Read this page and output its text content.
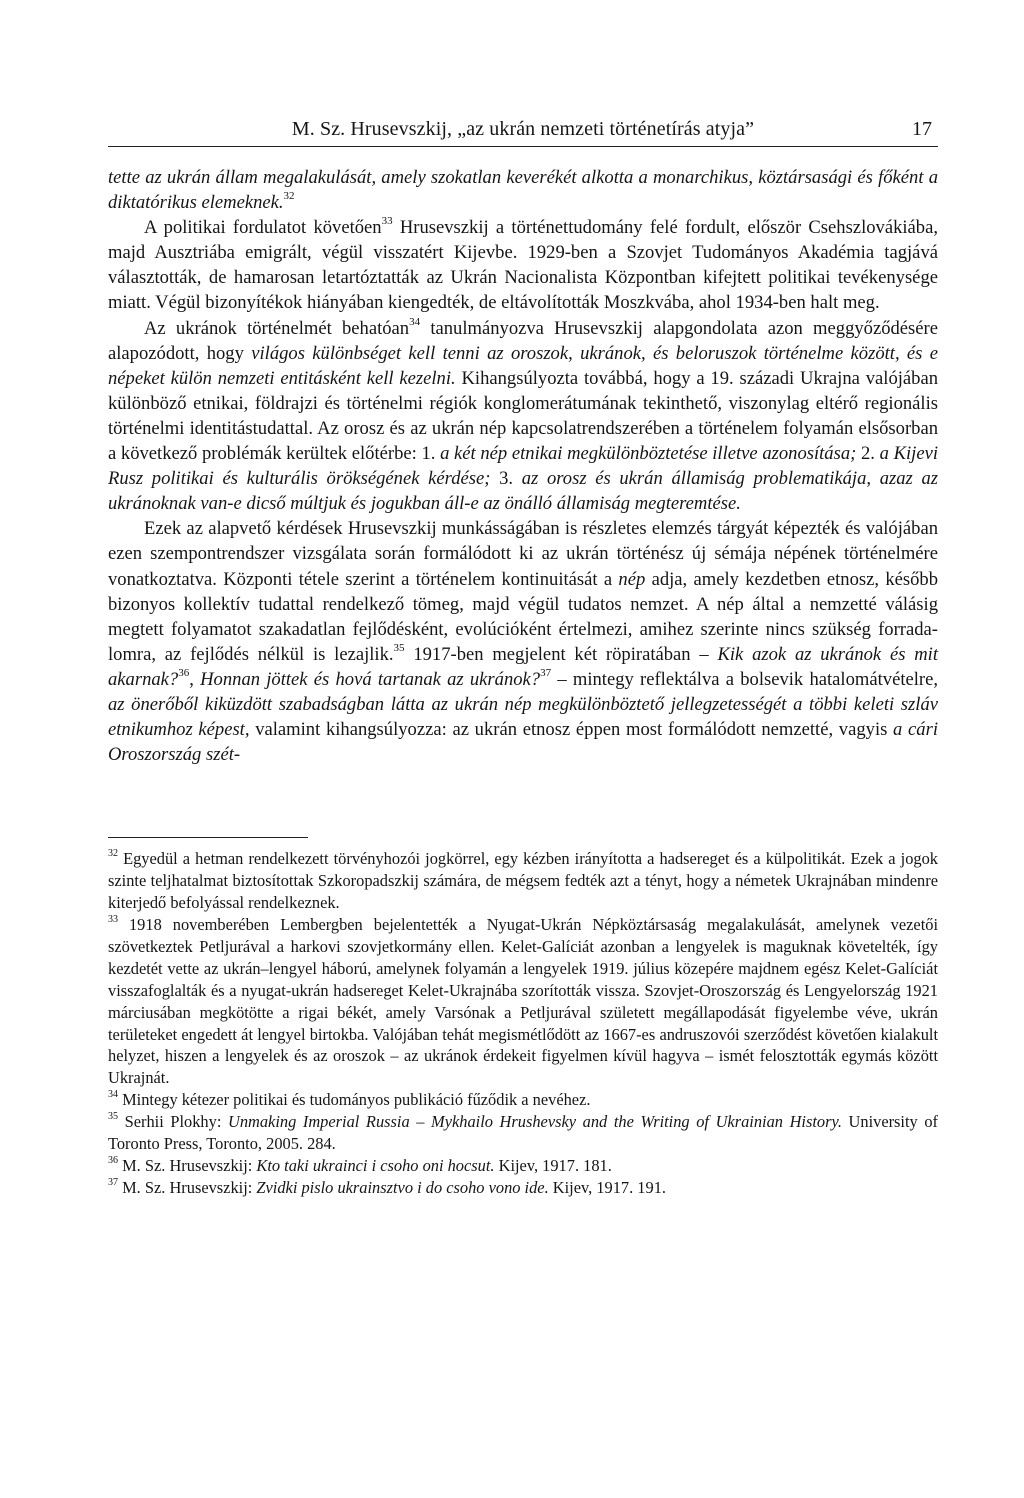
M. Sz. Hrusevszkij, „az ukrán nemzeti történetírás atyja”	17

tette az ukrán állam megalakulását, amely szokatlan keverékét alkotta a monarchikus, köztársasági és főként a diktatórikus elemeknek.$^{32}$

A politikai fordulatot követően$^{33}$ Hrusevszkij a történettudomány felé fordult, először Csehszlovákiába, majd Ausztriába emigrált, végül visszatért Kijevbe. 1929-ben a Szovjet Tudományos Akadémia tagjává választották, de hamarosan letartóztatták az Ukrán Nacionalista Központban kifejtett politikai tevékenysége miatt. Végül bizonyítékok hiányában kiengedték, de eltávolították Moszkvába, ahol 1934-ben halt meg.

Az ukránok történelmét behatóan$^{34}$ tanulmányozva Hrusevszkij alapgondolata azon meggyőződésére alapozódott, hogy világos különbséget kell tenni az oroszok, ukránok, és beloruszok történelme között, és e népeket külön nemzeti entitásként kell kezelni. Kihangsúlyozta továbbá, hogy a 19. századi Ukrajna valójában különböző etnikai, földrajzi és történelmi régiók konglomerátumának tekinthető, viszonylag eltérő regionális történelmi identitástudattal. Az orosz és az ukrán nép kapcsolatrendszerében a történelem folyamán elsősorban a következő problémák kerültek előtérbe: 1. a két nép etnikai megkülönböztetése illetve azonosítása; 2. a Kijevi Rusz politikai és kulturális örökségének kérdése; 3. az orosz és ukrán államiság problematikája, azaz az ukránoknak van-e dicső múltjuk és jogukban áll-e az önálló államiság megteremtése.

Ezek az alapvető kérdések Hrusevszkij munkásságában is részletes elemzés tárgyát képezték és valójában ezen szempontrendszer vizsgálata során formálódott ki az ukrán történész új sémája népének történelmére vonatkoztatva. Központi tétele szerint a történelem kontinuitását a nép adja, amely kezdetben etnosz, később bizonyos kollektív tudattal rendelkező tömeg, majd végül tudatos nemzet. A nép által a nemzetté válásig megtett folyamatot szakadatlan fejlődésként, evolúcióként értelmezi, amihez szerinte nincs szükség forradalomra, az fejlődés nélkül is lezajlik.$^{35}$ 1917-ben megjelent két röpiratában – Kik azok az ukránok és mit akarnak?$^{36}$, Honnan jöttek és hová tartanak az ukránok?$^{37}$ – mintegy reflektálva a bolsevik hatalomátvételre, az önerőből kiküzdött szabadságban látta az ukrán nép megkülönböztető jellegzetességét a többi keleti szláv etnikumhoz képest, valamint kihangsúlyozza: az ukrán etnosz éppen most formálódott nemzetté, vagyis a cári Oroszország szét-

$^{32}$ Egyedül a hetman rendelkezett törvényhozói jogkörrel, egy kézben irányította a hadsereget és a külpolitikát. Ezek a jogok szinte teljhatalmat biztosítottak Szkoropadszkij számára, de mégsem fedték azt a tényt, hogy a németek Ukrajnában mindenre kiterjedő befolyással rendelkeznek.

$^{33}$ 1918 novemberében Lembergben bejelentették a Nyugat-Ukrán Népköztársaság megalakulását, amelynek vezetői szövetkeztek Petljurával a harkovi szovjetkormány ellen. Kelet-Galíciát azonban a lengyelek is maguknak követelték, így kezdetét vette az ukrán–lengyel háború, amelynek folyamán a lengyelek 1919. július közepére majdnem egész Kelet-Galíciát visszafoglalták és a nyugat-ukrán hadsereget Kelet-Ukrajnába szorították vissza. Szovjet-Oroszország és Lengyelország 1921 márciusában megkötötte a rigai békét, amely Varsónak a Petljurával született megállapodását figyelembe véve, ukrán területeket engedett át lengyel birtokba. Valójában tehát megismétlődött az 1667-es andruszovói szerződést követően kialakult helyzet, hiszen a lengyelek és az oroszok – az ukránok érdekeit figyelmen kívül hagyva – ismét felosztották egymás között Ukrajnát.

$^{34}$ Mintegy kétezer politikai és tudományos publikáció fűződik a nevéhez.

$^{35}$ Serhii Plokhy: Unmaking Imperial Russia – Mykhailo Hrushevsky and the Writing of Ukrainian History. University of Toronto Press, Toronto, 2005. 284.

$^{36}$ M. Sz. Hrusevszkij: Kto taki ukrainci i csoho oni hocsut. Kijev, 1917. 181.

$^{37}$ M. Sz. Hrusevszkij: Zvidki pislo ukrainsztvo i do csoho vono ide. Kijev, 1917. 191.
